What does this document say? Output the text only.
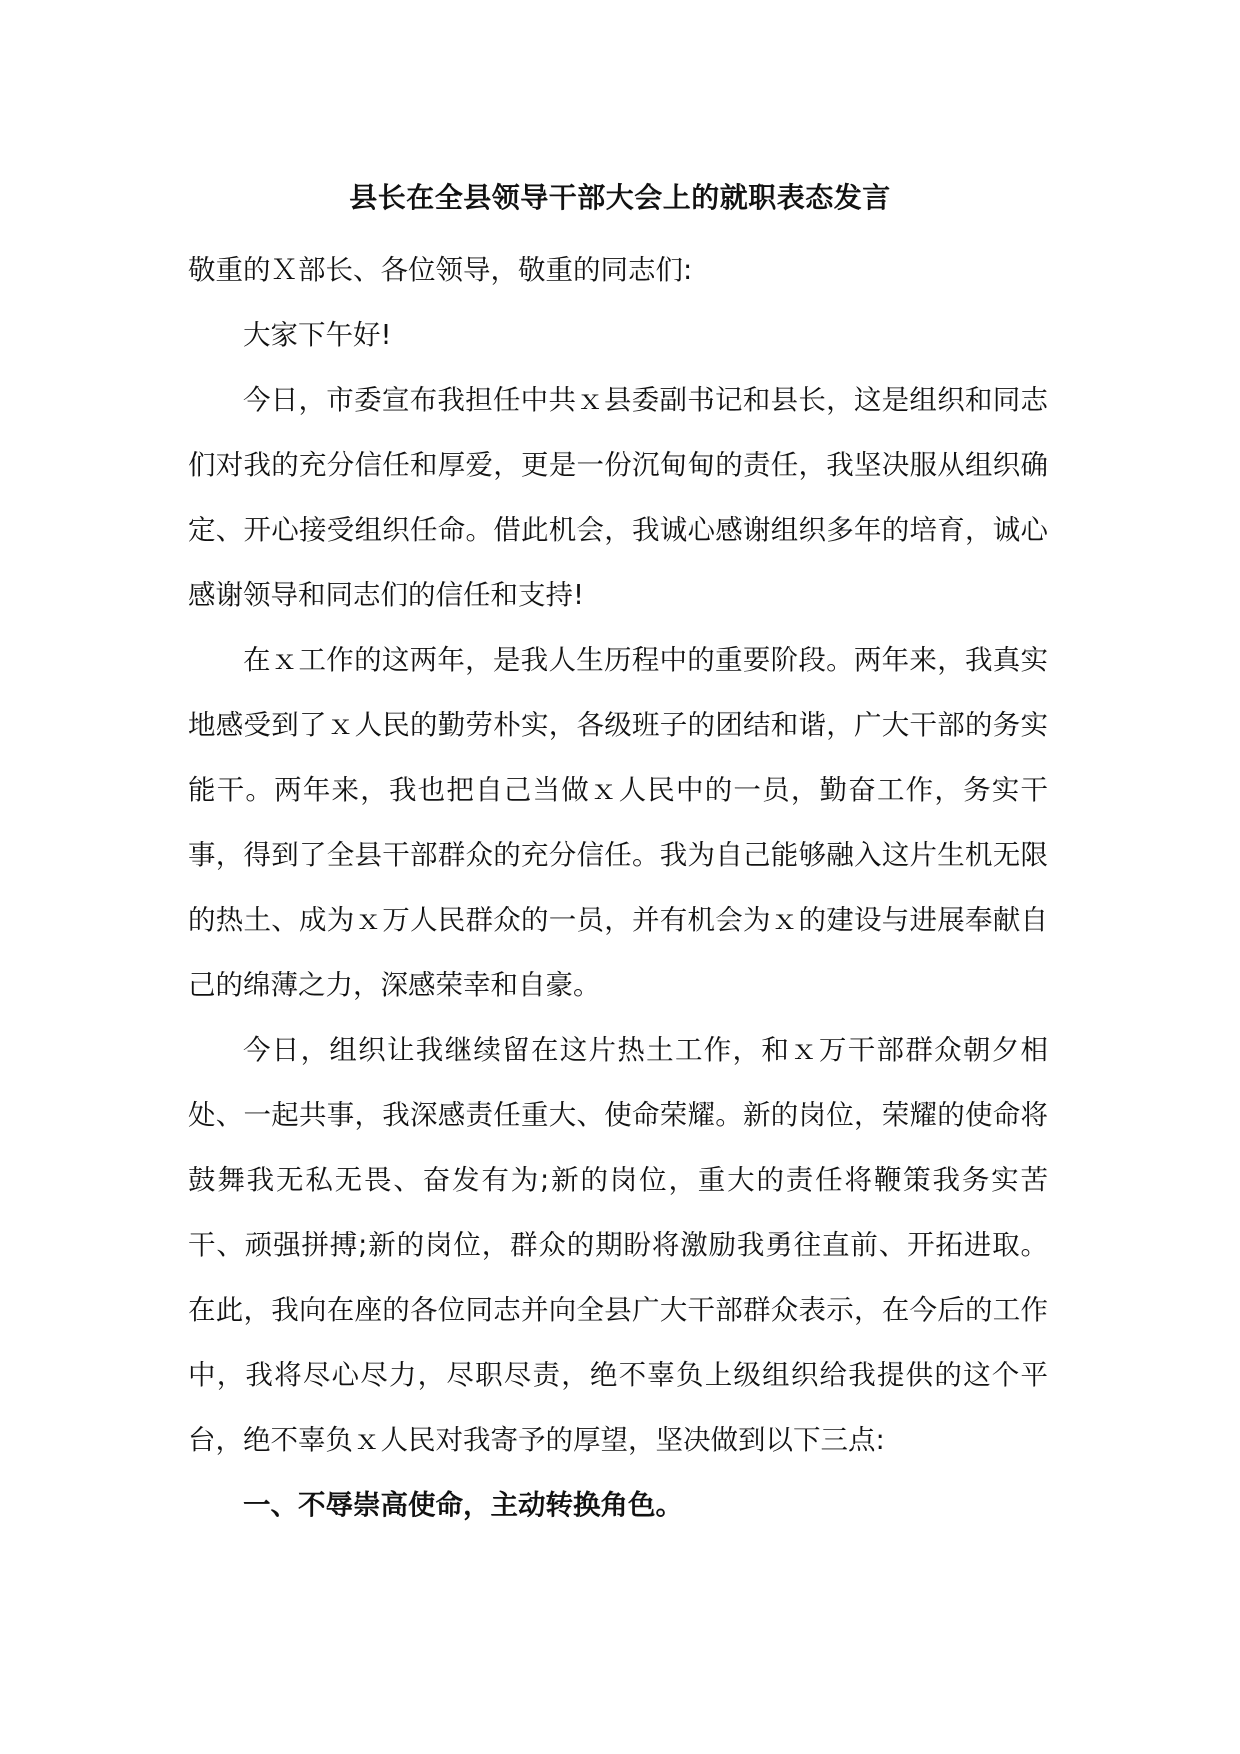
县长在全县领导干部大会上的就职表态发言

敬重的Ｘ部长、各位领导，敬重的同志们:

大家下午好!

今日，市委宣布我担任中共ｘ县委副书记和县长，这是组织和同志们对我的充分信任和厚爱，更是一份沉甸甸的责任，我坚决服从组织确定、开心接受组织任命。借此机会，我诚心感谢组织多年的培育，诚心感谢领导和同志们的信任和支持!

在ｘ工作的这两年，是我人生历程中的重要阶段。两年来，我真实地感受到了ｘ人民的勤劳朴实，各级班子的团结和谐，广大干部的务实能干。两年来，我也把自己当做ｘ人民中的一员，勤奋工作，务实干事，得到了全县干部群众的充分信任。我为自己能够融入这片生机无限的热土、成为ｘ万人民群众的一员，并有机会为ｘ的建设与进展奉献自己的绵薄之力，深感荣幸和自豪。

今日，组织让我继续留在这片热土工作，和ｘ万干部群众朝夕相处、一起共事，我深感责任重大、使命荣耀。新的岗位，荣耀的使命将鼓舞我无私无畏、奋发有为;新的岗位，重大的责任将鞭策我务实苦干、顽强拼搏;新的岗位，群众的期盼将激励我勇往直前、开拓进取。在此，我向在座的各位同志并向全县广大干部群众表示，在今后的工作中，我将尽心尽力，尽职尽责，绝不辜负上级组织给我提供的这个平台，绝不辜负ｘ人民对我寄予的厚望，坚决做到以下三点:

一、不辱崇高使命，主动转换角色。
